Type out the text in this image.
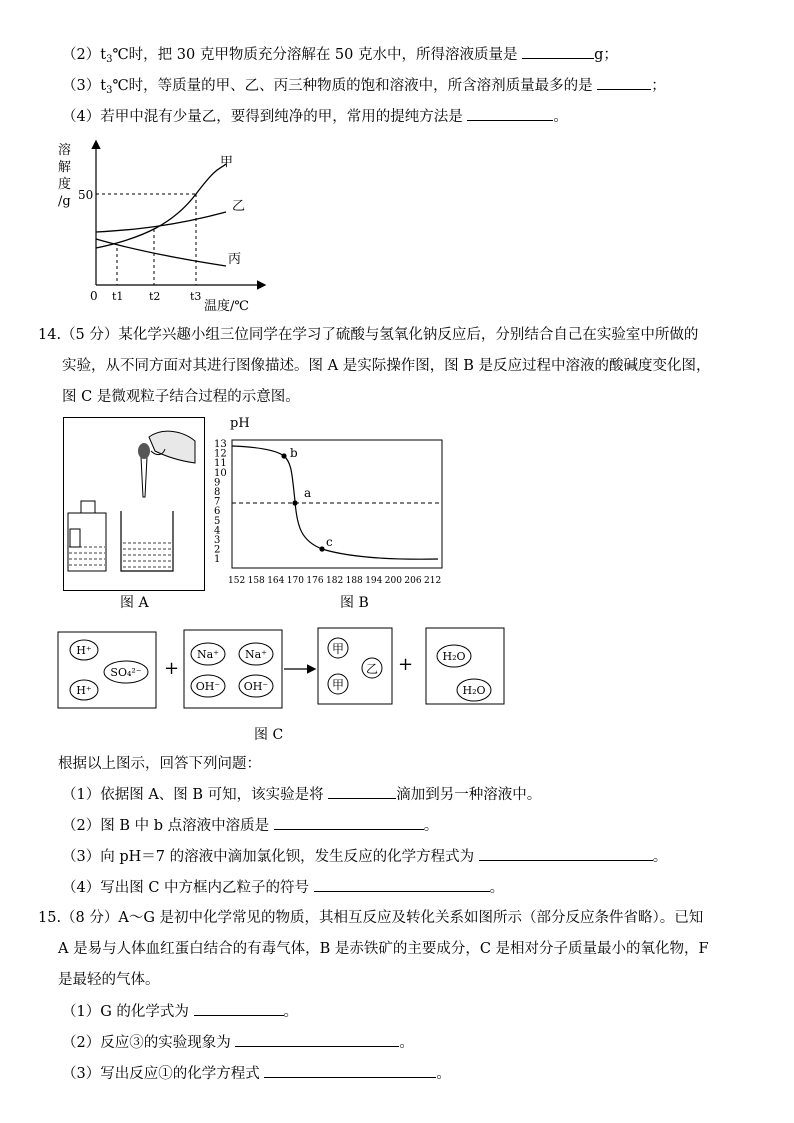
$(2)t_3℃$时，把 30 克甲物质充分溶解在 50 克水中，所得溶液质量是	g；
$(3)t_3℃$时，等质量的甲、乙、丙三种物质的饱和溶液中，所含溶剂质量最多的是	；
（4）若甲中混有少量乙，要得到纯净的甲，常用的提纯方法是	。
溶
解
度
/g 50
甲
乙
丙
0 t1 t2	t3
温度/℃
14.（5 分）某化学兴趣小组三位同学在学习了硫酸与氢氧化钠反应后，分别结合自己在实验室中所做的
实验，从不同方面对其进行图像描述。图 A 是实际操作图，图 B 是反应过程中溶液的酸碱度变化图，
图 C 是微观粒子结合过程的示意图。
图 A
pH
13
12
11
10
9
8
7
6
5
4
3
2
1
152 158 164 170 176 182 188 194 200 206 212
b
a
c
图 B
H⁺
SO₄²⁻
H⁺
+
Na⁺ Na⁺
OH⁻ OH⁻
甲
乙
甲
+	H₂O
H₂O
图 C
根据以上图示，回答下列问题：
（1）依据图 A、图 B 可知，该实验是将	滴加到另一种溶液中。
（2）图 B 中 b 点溶液中溶质是	。
（3）向 pH＝7 的溶液中滴加氯化钡，发生反应的化学方程式为	。
（4）写出图 C 中方框内乙粒子的符号	。
15.（8 分）A～G 是初中化学常见的物质，其相互反应及转化关系如图所示（部分反应条件省略）。已知
A 是易与人体血红蛋白结合的有毒气体，B 是赤铁矿的主要成分，C 是相对分子质量最小的氧化物，F
是最轻的气体。
（1）G 的化学式为	。
（2）反应③的实验现象为	。
（3）写出反应①的化学方程式	。
